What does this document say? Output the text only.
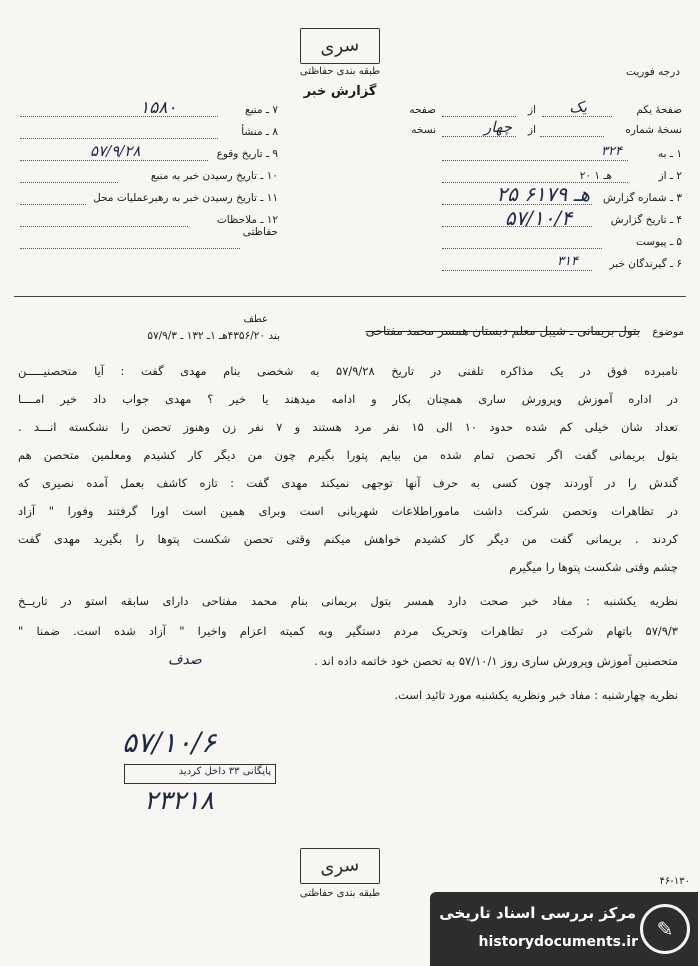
سری
طبقه بندی حفاظتی	درجه فوریت
گزارش خبر
صفحهٔ یکم
یک
از
صفحه
نسخهٔ شماره
از
چهار
نسخه
۱ ـ به
۳۲۴
۲ ـ از
۲۰ هـ ۱
۳ ـ شماره گزارش
۲۵ هـ ۶۱۷۹
۴ ـ تاریخ گزارش
۵۷/۱۰/۴
۵ ـ پیوست
۶ ـ گیرندگان خبر
۳۱۴
۷ ـ منبع
۱۵۸۰
۸ ـ منشأ
۹ ـ تاریخ وقوع
۵۷/۹/۲۸
۱۰ ـ تاریخ رسیدن خبر به منبع
۱۱ ـ تاریخ رسیدن خبر به رهبرعملیات محل
۱۲ ـ ملاحظات حفاظتی
عطف
موضوع
بتول بریمانی ـ شیبل معلم دبستان همسر محمد مفتاحی
بند ۴۳۵۶/۲۰هـ ۱ـ ۱۳۲ ـ ۵۷/۹/۳
نامبرده فوق در یک مذاکره تلفنی در تاریخ ۵۷/۹/۲۸ به شخصی بنام مهدی گفت : آیا متحصنیـــــن
در اداره آموزش وپرورش ساری همچنان بکار و ادامه میدهند یا خیر ؟ مهدی جواب داد خیر امــــا
تعداد شان خیلی کم شده حدود ۱۰ الی ۱۵ نفر مرد هستند و ۷ نفر زن وهنوز تحصن را نشکسته انـــد .
بتول بریمانی گفت اگر تحصن تمام شده من بیایم پتورا بگیرم چون من دیگر کار کشیدم ومعلمین متحصن هم
گندش را در آوردند چون کسی به حرف آنها توجهی نمیکند مهدی گفت : تازه کاشف بعمل آمده نصیری که
در تظاهرات وتحصن شرکت داشت ماموراطلاعات شهربانی است وبرای همین است اورا گرفتند وفورا " آزاد
کردند . بریمانی گفت من دیگر کار کشیدم خواهش میکنم وقتی تحصن شکست پتوها را بگیرید مهدی گفت
چشم وقتی شکست پتوها را میگیرم
نظریه یکشنبه : مفاد خبر صحت دارد همسر بتول بریمانی بنام محمد مفتاحی دارای سابقه استو در تاریــخ
۵۷/۹/۳ باتهام شرکت در تظاهرات وتحریک مردم دستگیر وبه کمیته اعزام واخیرا " آزاد شده است. ضمنا "
متحصنین آموزش وپرورش ساری روز ۵۷/۱۰/۱ به تحصن خود خاتمه داده اند .
نظریه چهارشنبه : مفاد خبر ونظریه یکشنبه مورد تائید است.
صدف
۵۷/۱۰/۶
پایگانی ۳۳ داخل کردید
۲۳۲۱۸
سری
طبقه بندی حفاظتی
۴۶-۱۳۰
✎
مرکز بررسی اسناد تاریخی
historydocuments.ir
